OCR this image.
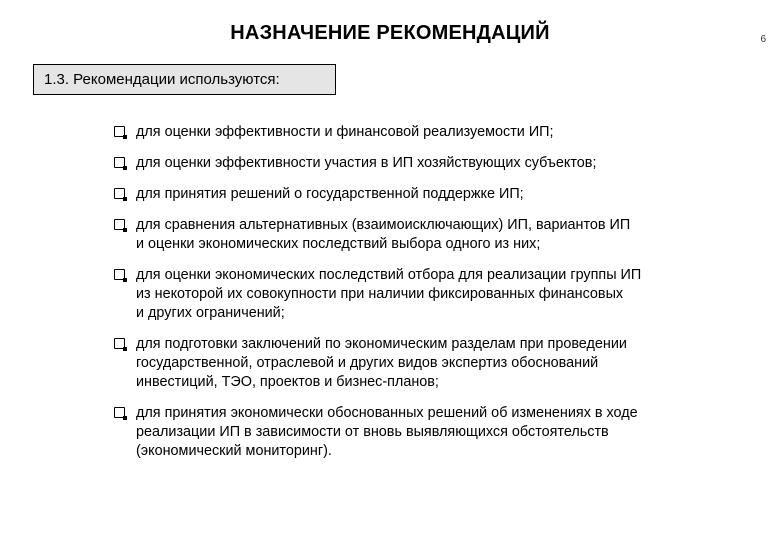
6
НАЗНАЧЕНИЕ РЕКОМЕНДАЦИЙ
1.3. Рекомендации используются:
для оценки эффективности и финансовой реализуемости ИП;
для оценки эффективности участия в ИП хозяйствующих субъектов;
для принятия решений о государственной поддержке ИП;
для сравнения альтернативных (взаимоисключающих) ИП, вариантов ИП
и оценки экономических последствий выбора одного из них;
для оценки экономических последствий отбора для реализации группы ИП
из некоторой их совокупности при наличии фиксированных финансовых
и других ограничений;
для подготовки заключений по экономическим разделам при проведении
государственной, отраслевой и других видов экспертиз обоснований
инвестиций, ТЭО, проектов и бизнес-планов;
для принятия экономически обоснованных решений об изменениях в ходе
реализации ИП в зависимости от вновь выявляющихся обстоятельств
(экономический мониторинг).
